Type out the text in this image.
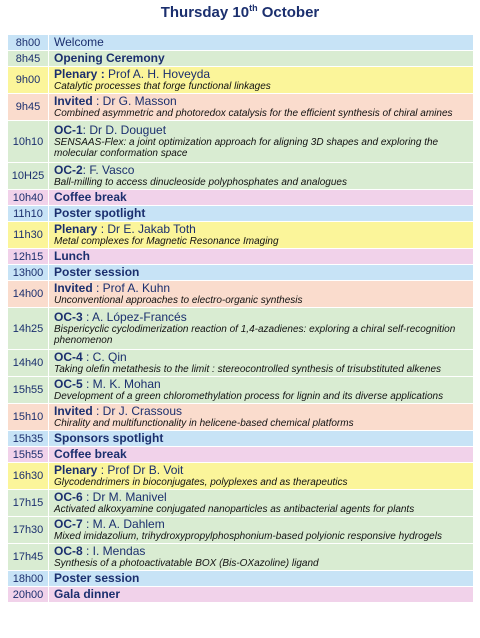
Thursday 10th October
8h00	Welcome

8h45	Opening Ceremony

9h00	Plenary : Prof A. H. Hoveyda
Catalytic processes that forge functional linkages

9h45	Invited : Dr G. Masson
Combined asymmetric and photoredox catalysis for the efficient synthesis of chiral amines

10h10	OC-1: Dr D. Douguet
SENSAAS-Flex: a joint optimization approach for aligning 3D shapes and exploring the molecular conformation space

10H25	OC-2: F. Vasco
Ball-milling to access dinucleoside polyphosphates and analogues

10h40	Coffee break

11h10	Poster spotlight

11h30	Plenary : Dr E. Jakab Toth
Metal complexes for Magnetic Resonance Imaging

12h15	Lunch

13h00	Poster session

14h00	Invited : Prof A. Kuhn
Unconventional approaches to electro-organic synthesis

14h25	OC-3 : A. López-Francés
Bispericyclic cyclodimerization reaction of 1,4-azadienes: exploring a chiral self-recognition phenomenon

14h40	OC-4 : C. Qin
Taking olefin metathesis to the limit : stereocontrolled synthesis of trisubstituted alkenes

15h55	OC-5 : M. K. Mohan
Development of a green chloromethylation process for lignin and its diverse applications

15h10	Invited : Dr J. Crassous
Chirality and multifunctionality in helicene-based chemical platforms

15h35	Sponsors spotlight

15h55	Coffee break

16h30	Plenary : Prof Dr B. Voit
Glycodendrimers in bioconjugates, polyplexes and as therapeutics

17h15	OC-6 : Dr M. Manivel
Activated alkoxyamine conjugated nanoparticles as antibacterial agents for plants

17h30	OC-7 : M. A. Dahlem
Mixed imidazolium, trihydroxypropylphosphonium-based polyionic responsive hydrogels

17h45	OC-8 : I. Mendas
Synthesis of a photoactivatable BOX (Bis-OXazoline) ligand

18h00	Poster session

20h00	Gala dinner
